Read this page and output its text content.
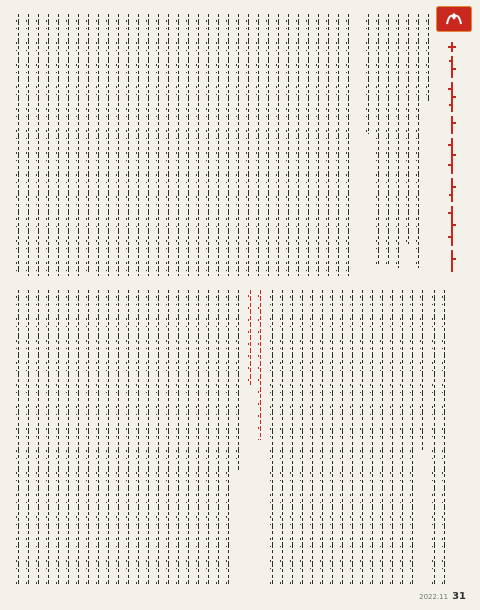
2022.11 31
